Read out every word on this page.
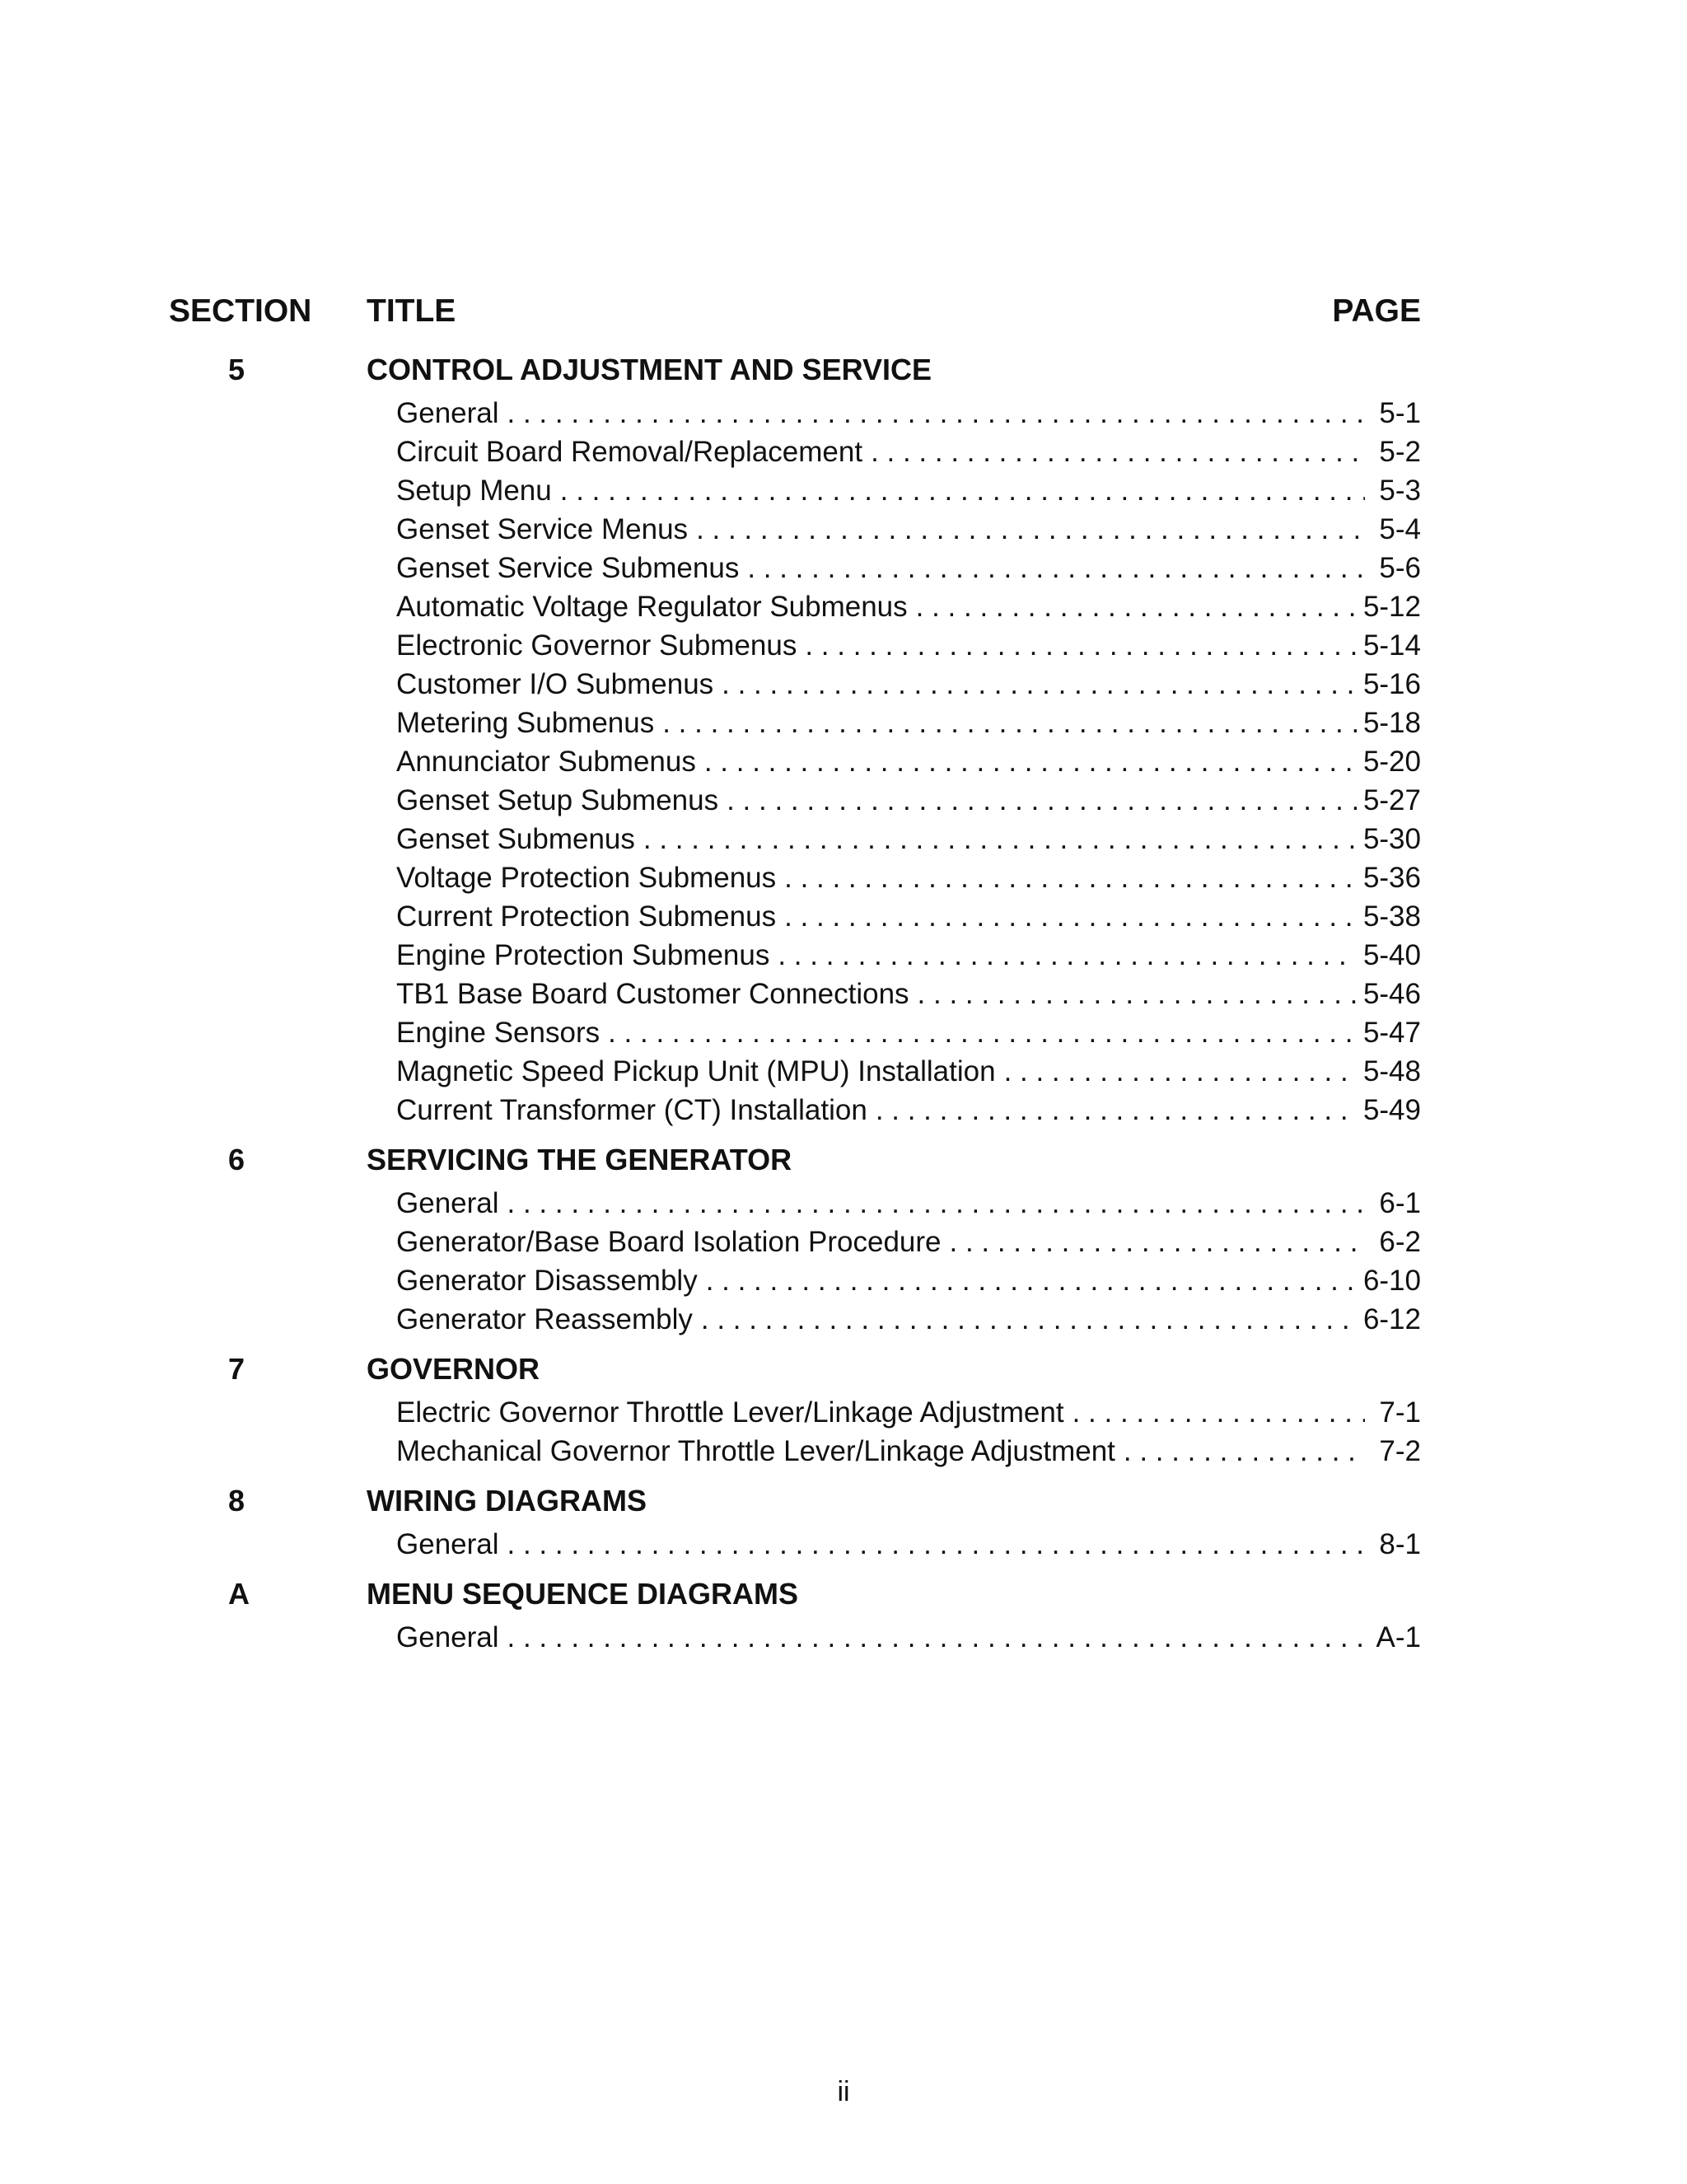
SECTION TITLE	PAGE
5	CONTROL ADJUSTMENT AND SERVICE
General . . .	5-1
Circuit Board Removal/Replacement . . .	5-2
Setup Menu . . .	5-3
Genset Service Menus . . .	5-4
Genset Service Submenus . . .	5-6
Automatic Voltage Regulator Submenus . . .	5-12
Electronic Governor Submenus . . .	5-14
Customer I/O Submenus . . .	5-16
Metering Submenus . . .	5-18
Annunciator Submenus . . .	5-20
Genset Setup Submenus . . .	5-27
Genset Submenus . . .	5-30
Voltage Protection Submenus . . .	5-36
Current Protection Submenus . . .	5-38
Engine Protection Submenus . . .	5-40
TB1 Base Board Customer Connections . . .	5-46
Engine Sensors . . .	5-47
Magnetic Speed Pickup Unit (MPU) Installation . . .	5-48
Current Transformer (CT) Installation . . .	5-49
6	SERVICING THE GENERATOR
General . . .	6-1
Generator/Base Board Isolation Procedure . . .	6-2
Generator Disassembly . . .	6-10
Generator Reassembly . . .	6-12
7	GOVERNOR
Electric Governor Throttle Lever/Linkage Adjustment . . .	7-1
Mechanical Governor Throttle Lever/Linkage Adjustment . . .	7-2
8	WIRING DIAGRAMS
General . . .	8-1
A	MENU SEQUENCE DIAGRAMS
General . . .	A-1
ii
